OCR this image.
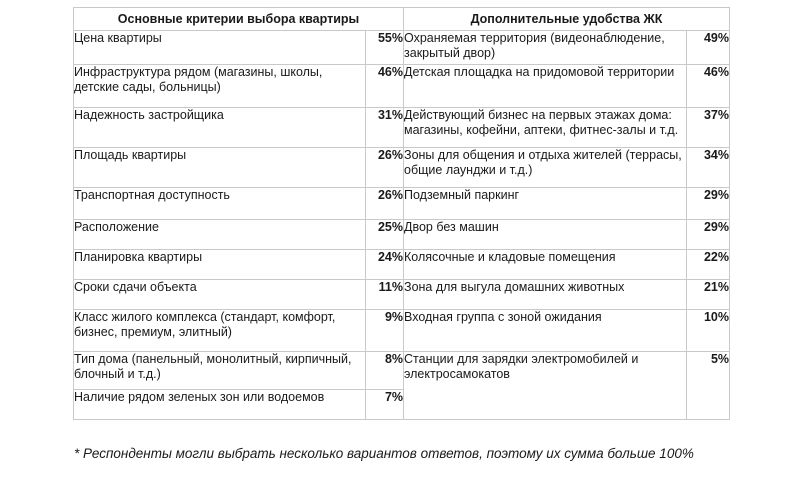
Основные критерии выбора квартиры		Дополнительные удобства ЖК	
Цена квартиры	55%	Охраняемая территория (видеонаблюдение, закрытый двор)	49%
Инфраструктура рядом (магазины, школы, детские сады, больницы)	46%	Детская площадка на придомовой территории	46%
Надежность застройщика	31%	Действующий бизнес на первых этажах дома: магазины, кофейни, аптеки, фитнес-залы и т.д.	37%
Площадь квартиры	26%	Зоны для общения и отдыха жителей (террасы, общие лаунджи и т.д.)	34%
Транспортная доступность	26%	Подземный паркинг	29%
Расположение	25%	Двор без машин	29%
Планировка квартиры	24%	Колясочные и кладовые помещения	22%
Сроки сдачи объекта	11%	Зона для выгула домашних животных	21%
Класс жилого комплекса (стандарт, комфорт, бизнес, премиум, элитный)	9%	Входная группа с зоной ожидания	10%
Тип дома (панельный, монолитный, кирпичный, блочный и т.д.)	8%	Станции для зарядки электромобилей и электросамокатов	5%
Наличие рядом зеленых зон или водоемов	7%		
* Респонденты могли выбрать несколько вариантов ответов, поэтому их сумма больше 100%
